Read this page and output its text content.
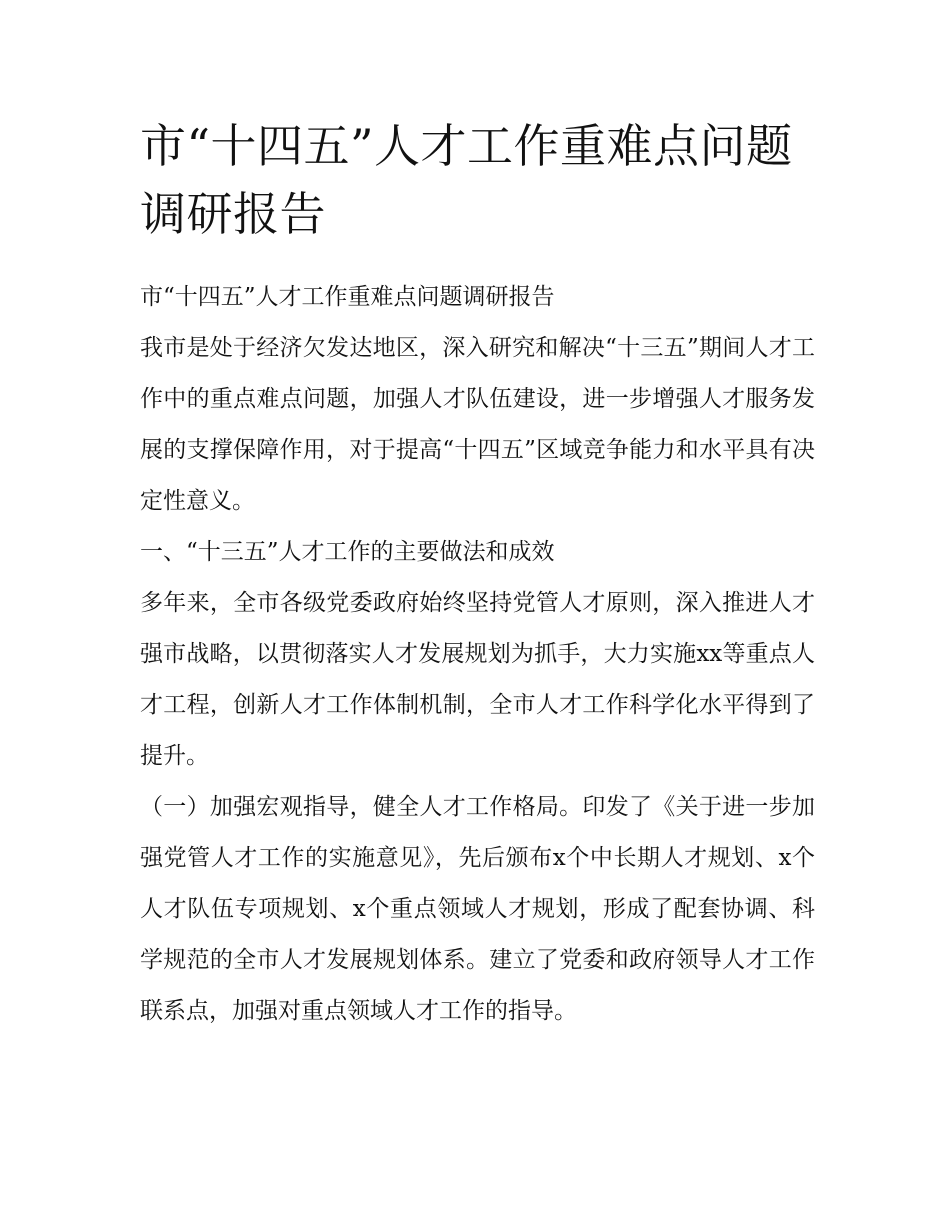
市“十四五”人才工作重难点问题调研报告

市“十四五”人才工作重难点问题调研报告

我市是处于经济欠发达地区，深入研究和解决“十三五”期间人才工作中的重点难点问题，加强人才队伍建设，进一步增强人才服务发展的支撑保障作用，对于提高“十四五”区域竞争能力和水平具有决定性意义。

一、“十三五”人才工作的主要做法和成效

多年来，全市各级党委政府始终坚持党管人才原则，深入推进人才强市战略，以贯彻落实人才发展规划为抓手，大力实施xx等重点人才工程，创新人才工作体制机制，全市人才工作科学化水平得到了提升。

（一）加强宏观指导，健全人才工作格局。印发了《关于进一步加强党管人才工作的实施意见》，先后颁布x个中长期人才规划、x个人才队伍专项规划、x个重点领域人才规划，形成了配套协调、科学规范的全市人才发展规划体系。建立了党委和政府领导人才工作联系点，加强对重点领域人才工作的指导。
